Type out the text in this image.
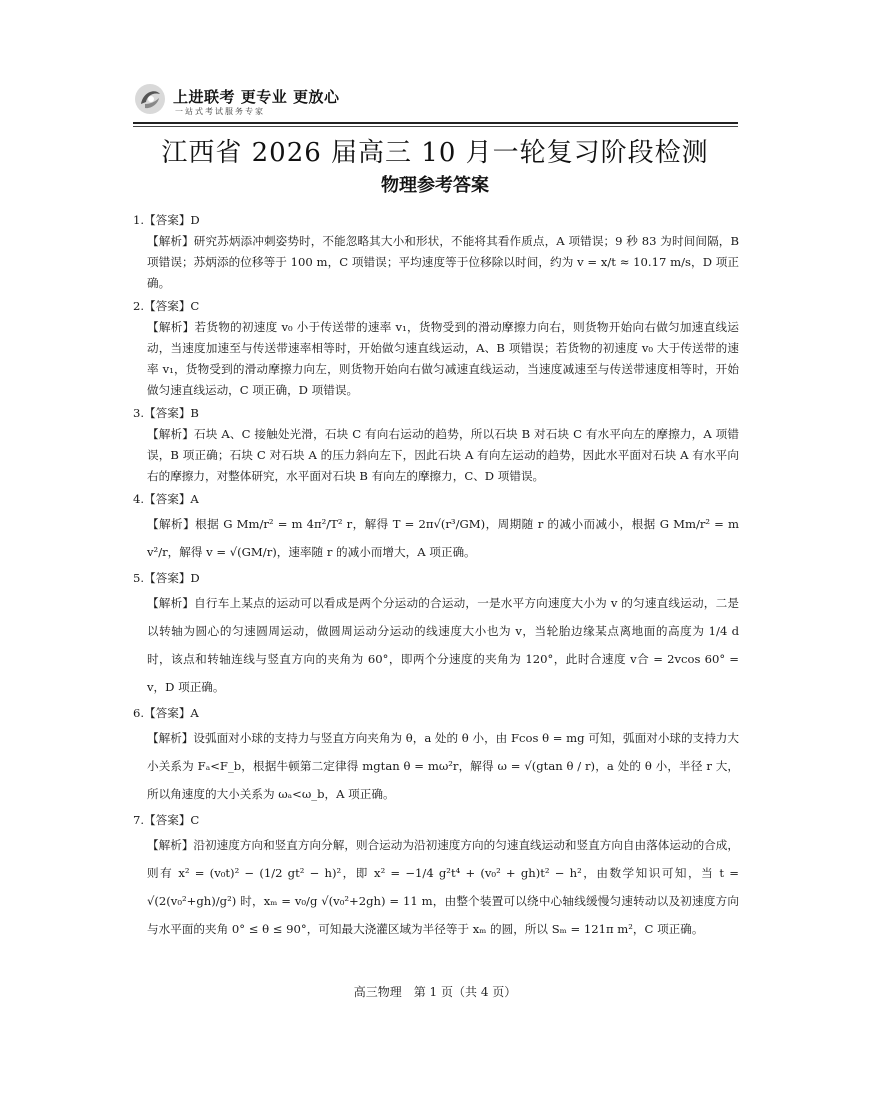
上进联考 更专业 更放心
一站式考试服务专家
江西省 2026 届高三 10 月一轮复习阶段检测
物理参考答案
1.【答案】D
【解析】研究苏炳添冲刺姿势时，不能忽略其大小和形状，不能将其看作质点，A 项错误；9 秒 83 为时间间隔，B 项错误；苏炳添的位移等于 100 m，C 项错误；平均速度等于位移除以时间，约为 v = x/t ≈ 10.17 m/s，D 项正确。
2.【答案】C
【解析】若货物的初速度 v₀ 小于传送带的速率 v₁，货物受到的滑动摩擦力向右，则货物开始向右做匀加速直线运动，当速度加速至与传送带速率相等时，开始做匀速直线运动，A、B 项错误；若货物的初速度 v₀ 大于传送带的速率 v₁，货物受到的滑动摩擦力向左，则货物开始向右做匀减速直线运动，当速度减速至与传送带速度相等时，开始做匀速直线运动，C 项正确，D 项错误。
3.【答案】B
【解析】石块 A、C 接触处光滑，石块 C 有向右运动的趋势，所以石块 B 对石块 C 有水平向左的摩擦力，A 项错误，B 项正确；石块 C 对石块 A 的压力斜向左下，因此石块 A 有向左运动的趋势，因此水平面对石块 A 有水平向右的摩擦力，对整体研究，水平面对石块 B 有向左的摩擦力，C、D 项错误。
4.【答案】A
【解析】根据 G Mm/r² = m 4π²/T² r，解得 T = 2π√(r³/GM)，周期随 r 的减小而减小，根据 G Mm/r² = m v²/r，解得 v = √(GM/r)，速率随 r 的减小而增大，A 项正确。
5.【答案】D
【解析】自行车上某点的运动可以看成是两个分运动的合运动，一是水平方向速度大小为 v 的匀速直线运动，二是以转轴为圆心的匀速圆周运动，做圆周运动分运动的线速度大小也为 v，当轮胎边缘某点离地面的高度为 1/4 d 时，该点和转轴连线与竖直方向的夹角为 60°，即两个分速度的夹角为 120°，此时合速度 v合 = 2vcos 60° = v，D 项正确。
6.【答案】A
【解析】设弧面对小球的支持力与竖直方向夹角为 θ，a 处的 θ 小，由 Fcos θ = mg 可知，弧面对小球的支持力大小关系为 Fₐ<F_b，根据牛顿第二定律得 mgtan θ = mω²r，解得 ω = √(gtan θ / r)，a 处的 θ 小，半径 r 大，所以角速度的大小关系为 ωₐ<ω_b，A 项正确。
7.【答案】C
【解析】沿初速度方向和竖直方向分解，则合运动为沿初速度方向的匀速直线运动和竖直方向自由落体运动的合成，则有 x² = (v₀t)² − (1/2 gt² − h)²，即 x² = −1/4 g²t⁴ + (v₀² + gh)t² − h²，由数学知识可知，当 t = √(2(v₀²+gh)/g²) 时，xₘ = v₀/g √(v₀²+2gh) = 11 m，由整个装置可以绕中心轴线缓慢匀速转动以及初速度方向与水平面的夹角 0° ≤ θ ≤ 90°，可知最大浇灌区域为半径等于 xₘ 的圆，所以 Sₘ = 121π m²，C 项正确。
高三物理　第 1 页（共 4 页）
